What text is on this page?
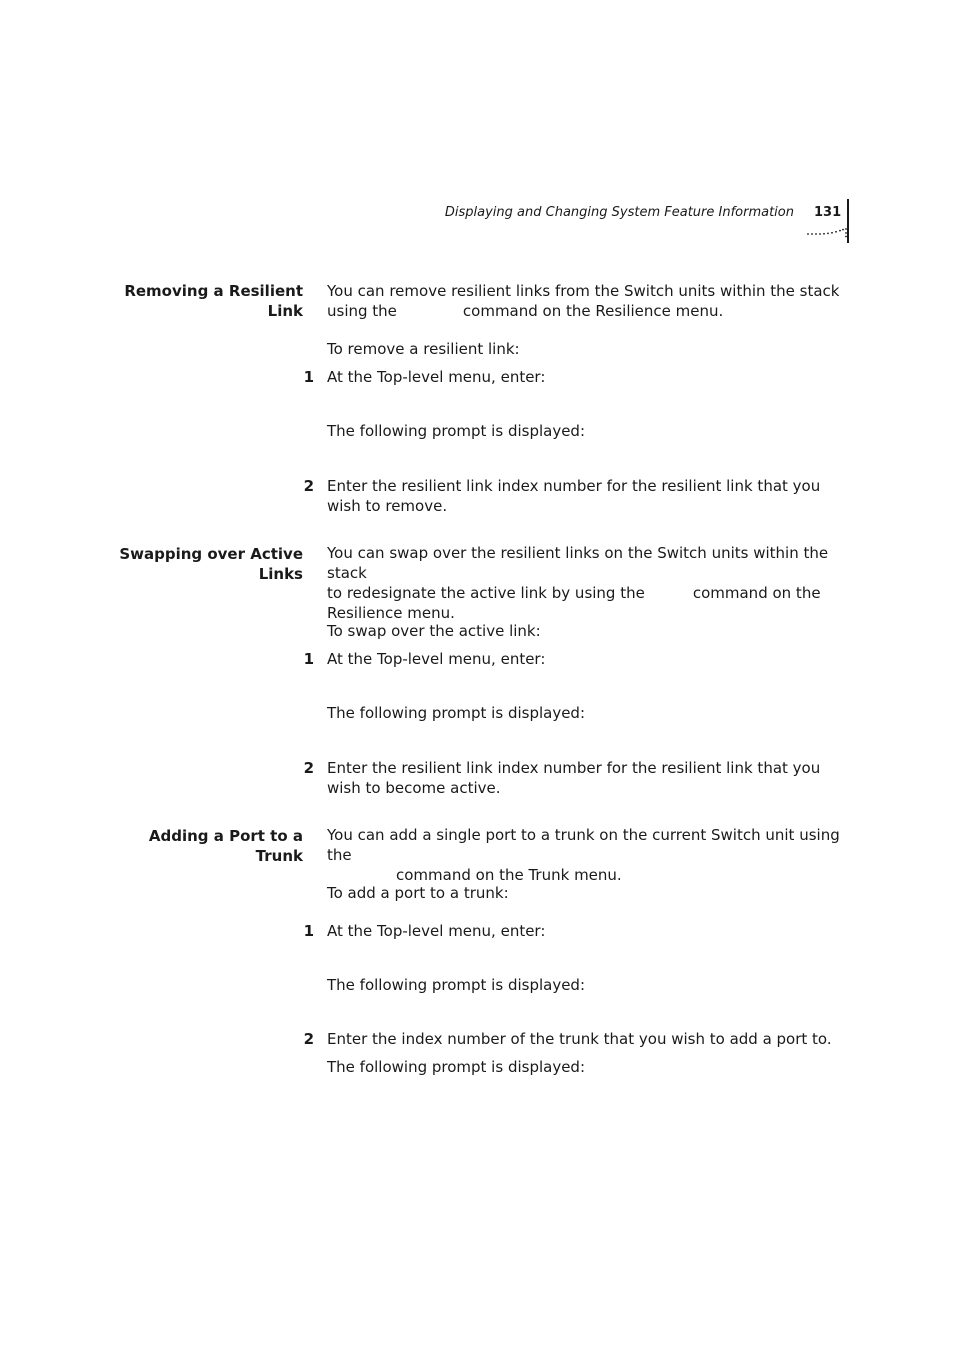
Displaying and Changing System Feature Information 131
Removing a Resilient
Link
You can remove resilient links from the Switch units within the stack
using the	command on the Resilience menu.
To remove a resilient link:
1 At the Top-level menu, enter:
The following prompt is displayed:
2 Enter the resilient link index number for the resilient link that you wish to remove.
Swapping over Active
Links
You can swap over the resilient links on the Switch units within the stack
to redesignate the active link by using the	command on the
Resilience menu.
To swap over the active link:
1 At the Top-level menu, enter:
The following prompt is displayed:
2 Enter the resilient link index number for the resilient link that you wish to become active.
Adding a Port to a
Trunk
You can add a single port to a trunk on the current Switch unit using the
command on the Trunk menu.
To add a port to a trunk:
1 At the Top-level menu, enter:
The following prompt is displayed:
2 Enter the index number of the trunk that you wish to add a port to.
The following prompt is displayed:
